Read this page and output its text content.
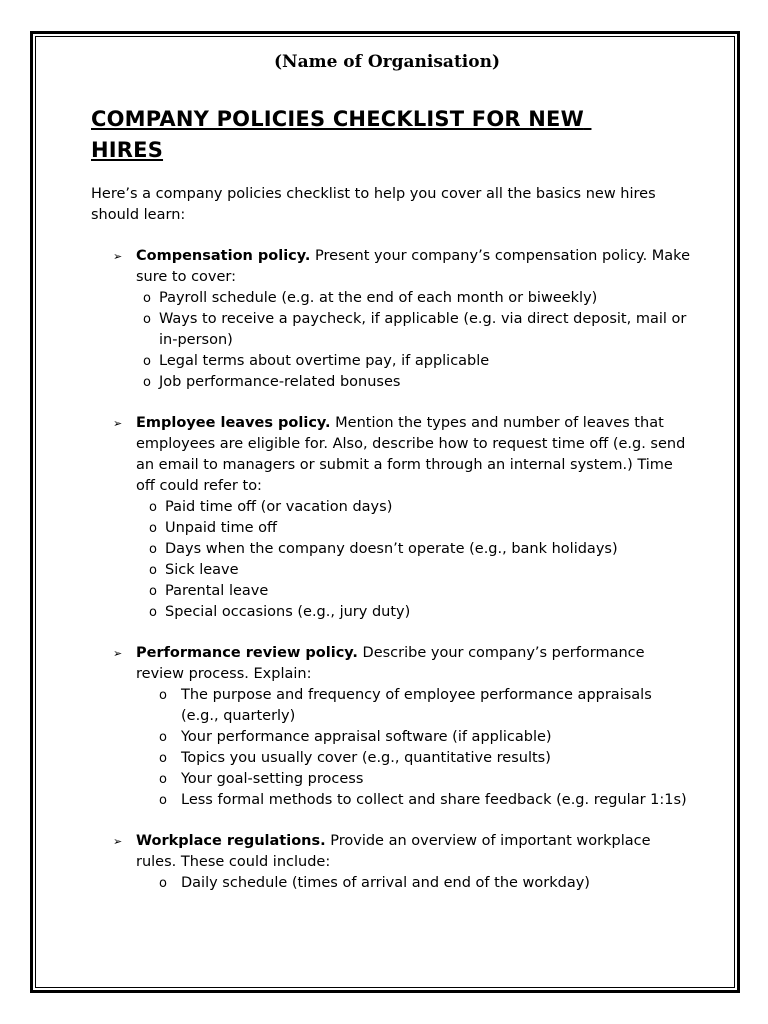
(Name of Organisation)

COMPANY POLICIES CHECKLIST FOR NEW HIRES

Here’s a company policies checklist to help you cover all the basics new hires should learn:

➢ Compensation policy. Present your company’s compensation policy. Make sure to cover:

o Payroll schedule (e.g. at the end of each month or biweekly)
o Ways to receive a paycheck, if applicable (e.g. via direct deposit, mail or in-person)
o Legal terms about overtime pay, if applicable
o Job performance-related bonuses
➢ Employee leaves policy. Mention the types and number of leaves that employees are eligible for. Also, describe how to request time off (e.g. send an email to managers or submit a form through an internal system.) Time off could refer to:

o Paid time off (or vacation days)
o Unpaid time off
o Days when the company doesn’t operate (e.g., bank holidays)
o Sick leave
o Parental leave
o Special occasions (e.g., jury duty)
➢ Performance review policy. Describe your company’s performance review process. Explain:

o The purpose and frequency of employee performance appraisals (e.g., quarterly)
o Your performance appraisal software (if applicable)
o Topics you usually cover (e.g., quantitative results)
o Your goal-setting process
o Less formal methods to collect and share feedback (e.g. regular 1:1s)
➢ Workplace regulations. Provide an overview of important workplace rules. These could include:

o Daily schedule (times of arrival and end of the workday)
